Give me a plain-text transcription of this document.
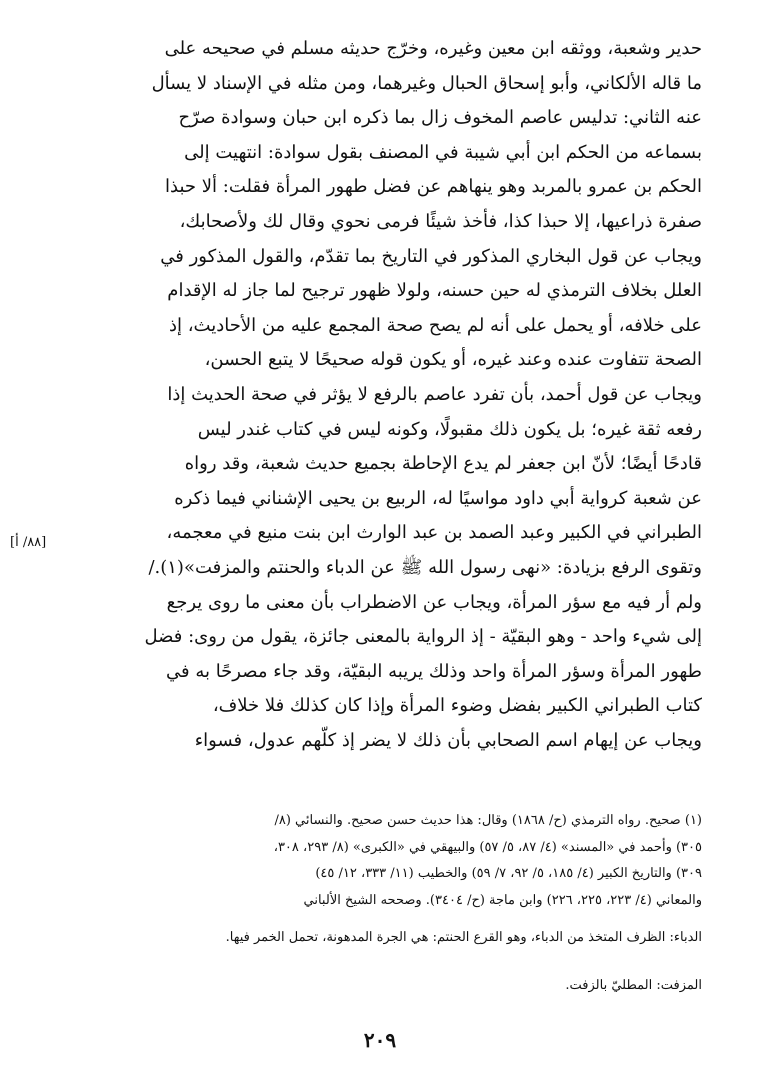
حدير وشعبة، ووثقه ابن معين وغيره، وخرّج حديثه مسلم في صحيحه على
ما قاله الألكاني، وأبو إسحاق الحبال وغيرهما، ومن مثله في الإسناد لا يسأل
عنه الثاني: تدليس عاصم المخوف زال بما ذكره ابن حبان وسوادة صرّح
بسماعه من الحكم ابن أبي شيبة في المصنف بقول سوادة: انتهيت إلى
الحكم بن عمرو بالمربد وهو ينهاهم عن فضل طهور المرأة فقلت: ألا حبذا
صفرة ذراعيها، إلا حبذا كذا، فأخذ شيئًا فرمى نحوي وقال لك ولأصحابك،
ويجاب عن قول البخاري المذكور في التاريخ بما تقدّم، والقول المذكور في
العلل بخلاف الترمذي له حين حسنه، ولولا ظهور ترجيح لما جاز له الإقدام
على خلافه، أو يحمل على أنه لم يصح صحة المجمع عليه من الأحاديث، إذ
الصحة تتفاوت عنده وعند غيره، أو يكون قوله صحيحًا لا يتبع الحسن،
ويجاب عن قول أحمد، بأن تفرد عاصم بالرفع لا يؤثر في صحة الحديث إذا
رفعه ثقة غيره؛ بل يكون ذلك مقبولًا، وكونه ليس في كتاب غندر ليس
قادحًا أيضًا؛ لأنّ ابن جعفر لم يدع الإحاطة بجميع حديث شعبة، وقد رواه
عن شعبة كرواية أبي داود مواسيًا له، الربيع بن يحيى الإشناني فيما ذكره
الطبراني في الكبير وعبد الصمد بن عبد الوارث ابن بنت منيع في معجمه،
وتقوى الرفع بزيادة: «نهى رسول الله ﷺ عن الدباء والحنتم والمزفت»(١)./
ولم أر فيه مع سؤر المرأة، ويجاب عن الاضطراب بأن معنى ما روى يرجع
إلى شيء واحد - وهو البقيّة - إذ الرواية بالمعنى جائزة، يقول من روى: فضل
طهور المرأة وسؤر المرأة واحد وذلك يريبه البقيّة، وقد جاء مصرحًا به في
كتاب الطبراني الكبير بفضل وضوء المرأة وإذا كان كذلك فلا خلاف،
ويجاب عن إيهام اسم الصحابي بأن ذلك لا يضر إذ كلّهم عدول، فسواء
[٨٨/ أ]
(١) صحيح. رواه الترمذي (ح/ ١٨٦٨) وقال: هذا حديث حسن صحيح. والنسائي (٨/
٣٠٥) وأحمد في «المسند» (٤/ ٨٧، ٥/ ٥٧) والبيهقي في «الكبرى» (٨/ ٢٩٣، ٣٠٨،
٣٠٩) والتاريخ الكبير (٤/ ١٨٥، ٥/ ٩٢، ٧/ ٥٩) والخطيب (١١/ ٣٣٣، ١٢/ ٤٥)
والمعاني (٤/ ٢٢٣، ٢٢٥، ٢٢٦) وابن ماجة (ح/ ٣٤٠٤). وصححه الشيخ الألباني
الدباء: الظرف المتخذ من الدباء، وهو القرع الحنتم: هي الجرة المدهونة، تحمل الخمر فيها.
المزفت: المطليّ بالزفت.
٢٠٩
